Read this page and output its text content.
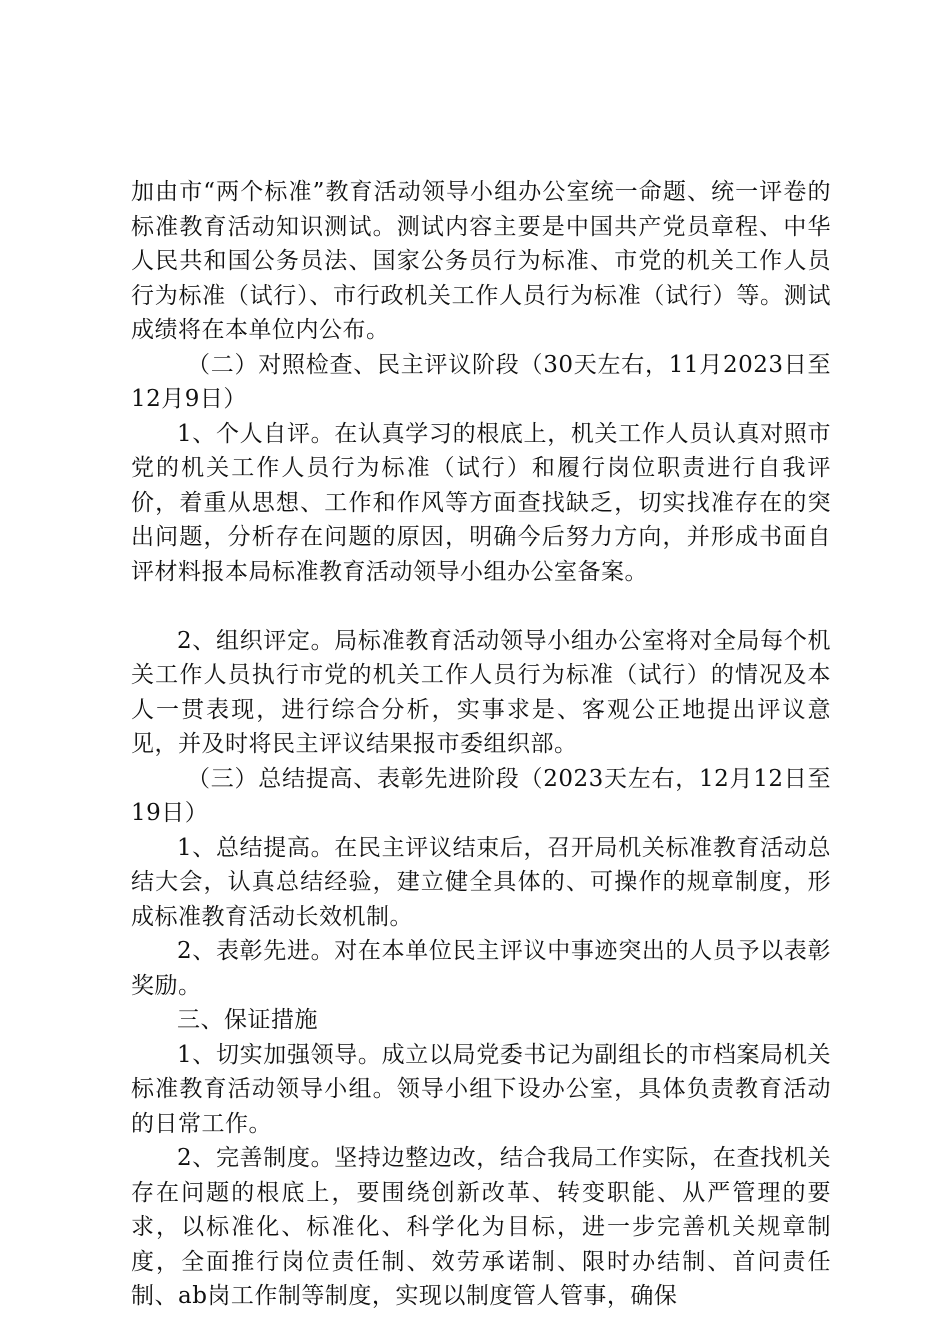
加由市“两个标准”教育活动领导小组办公室统一命题、统一评卷的标准教育活动知识测试。测试内容主要是中国共产党员章程、中华人民共和国公务员法、国家公务员行为标准、市党的机关工作人员行为标准（试行）、市行政机关工作人员行为标准（试行）等。测试成绩将在本单位内公布。

（二）对照检查、民主评议阶段（30天左右，11月2023日至12月9日）

1、个人自评。在认真学习的根底上，机关工作人员认真对照市党的机关工作人员行为标准（试行）和履行岗位职责进行自我评价，着重从思想、工作和作风等方面查找缺乏，切实找准存在的突出问题，分析存在问题的原因，明确今后努力方向，并形成书面自评材料报本局标准教育活动领导小组办公室备案。

2、组织评定。局标准教育活动领导小组办公室将对全局每个机关工作人员执行市党的机关工作人员行为标准（试行）的情况及本人一贯表现，进行综合分析，实事求是、客观公正地提出评议意见，并及时将民主评议结果报市委组织部。

（三）总结提高、表彰先进阶段（2023天左右，12月12日至19日）

1、总结提高。在民主评议结束后，召开局机关标准教育活动总结大会，认真总结经验，建立健全具体的、可操作的规章制度，形成标准教育活动长效机制。

2、表彰先进。对在本单位民主评议中事迹突出的人员予以表彰奖励。

三、保证措施

1、切实加强领导。成立以局党委书记为副组长的市档案局机关标准教育活动领导小组。领导小组下设办公室，具体负责教育活动的日常工作。

2、完善制度。坚持边整边改，结合我局工作实际，在查找机关存在问题的根底上，要围绕创新改革、转变职能、从严管理的要求，以标准化、标准化、科学化为目标，进一步完善机关规章制度，全面推行岗位责任制、效劳承诺制、限时办结制、首问责任制、ab岗工作制等制度，实现以制度管人管事，确保
